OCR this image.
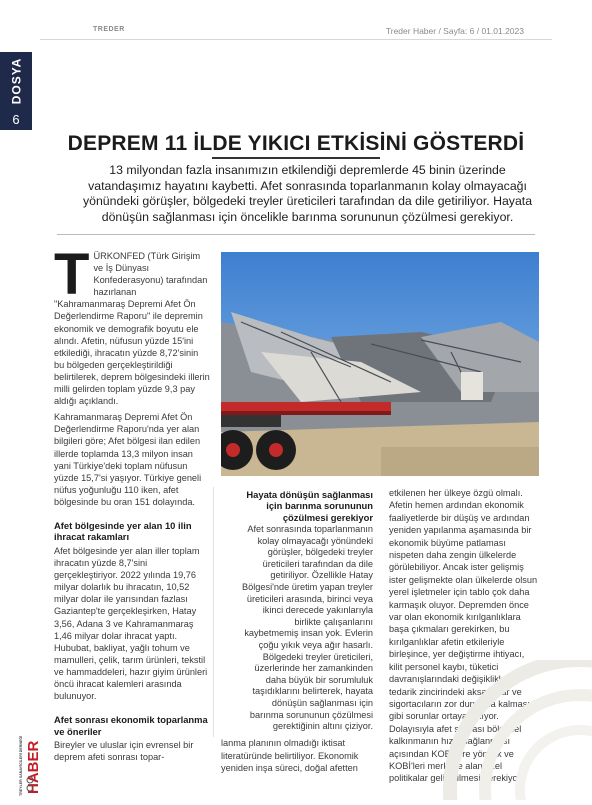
TREDER	Treder Haber / Sayfa: 6 / 01.01.2023
DOSYA
6
DEPREM 11 İLDE YIKICI ETKİSİNİ GÖSTERDİ
13 milyondan fazla insanımızın etkilendiği depremlerde 45 binin üzerinde vatandaşımız hayatını kaybetti. Afet sonrasında toparlanmanın kolay olmayacağı yönündeki görüşler, bölgedeki treyler üreticileri tarafından da dile getiriliyor. Hayata dönüşün sağlanması için öncelikle barınma sorununun çözülmesi gerekiyor.
T ÜRKONFED (Türk Girişim ve İş Dünyası Konfederasyonu) tarafından hazırlanan "Kahramanmaraş Depremi Afet Ön Değerlendirme Raporu" ile depremin ekonomik ve demografik boyutu ele alındı. Afetin, nüfusun yüzde 15'ini etkilediği, ihracatın yüzde 8,72'sinin bu bölgeden gerçekleştirildiği belirtilerek, deprem bölgesindeki illerin milli gelirden toplam yüzde 9,3 pay aldığı açıklandı.

Kahramanmaraş Depremi Afet Ön Değerlendirme Raporu'nda yer alan bilgileri göre; Afet bölgesi ilan edilen illerde toplamda 13,3 milyon insan yani Türkiye'deki toplam nüfusun yüzde 15,7'si yaşıyor. Türkiye geneli nüfus yoğunluğu 110 iken, afet bölgesinde bu oran 151 dolayında.

Afet bölgesinde yer alan 10 ilin ihracat rakamları

Afet bölgesinde yer alan iller toplam ihracatın yüzde 8,7'sini gerçekleştiriyor. 2022 yılında 19,76 milyar dolarlık bu ihracatın, 10,52 milyar dolar ile yarısından fazlası Gaziantep'te gerçekleşirken, Hatay 3,56, Adana 3 ve Kahramanmaraş 1,46 milyar dolar ihracat yaptı. Hububat, bakliyat, yağlı tohum ve mamulleri, çelik, tarım ürünleri, tekstil ve hammaddeleri, hazır giyim ürünleri öncü ihracat kalemleri arasında bulunuyor.

Afet sonrası ekonomik toparlanma ve öneriler

Bireyler ve uluslar için evrensel bir deprem afeti sonrası topar-

Hayata dönüşün sağlanması için barınma sorununun çözülmesi gerekiyor
Afet sonrasında toparlanmanın kolay olmayacağı yönündeki görüşler, bölgedeki treyler üreticileri tarafından da dile getiriliyor. Özellikle Hatay Bölgesi'nde üretim yapan treyler üreticileri arasında, birinci veya ikinci derecede yakınlarıyla birlikte çalışanlarını kaybetmemiş insan yok. Evlerin çoğu yıkık veya ağır hasarlı. Bölgedeki treyler üreticileri, üzerlerinde her zamankinden daha büyük bir sorumluluk taşıdıklarını belirterek, hayata dönüşün sağlanması için barınma sorununun çözülmesi gerektiğinin altını çiziyor.
lanma planının olmadığı iktisat literatüründe belirtiliyor. Ekonomik yeniden inşa süreci, doğal afetten
etkilenen her ülkeye özgü olmalı. Afetin hemen ardından ekonomik faaliyetlerde bir düşüş ve ardından yeniden yapılanma aşamasında bir ekonomik büyüme patlaması nispeten daha zengin ülkelerde görülebiliyor. Ancak ister gelişmiş ister gelişmekte olan ülkelerde olsun yerel işletmeler için tablo çok daha karmaşık oluyor. Depremden önce var olan ekonomik kırılganlıklara başa çıkmaları gerekirken, bu kırılganlıklar afetin etkileriyle birleşince, yer değiştirme ihtiyacı, kilit personel kaybı, tüketici davranışlarındaki değişiklikler, tedarik zincirindeki aksamalar ve sigortacıların zor durumda kalması gibi sorunlar ortaya çıkıyor. Dolayısıyla afet sonrası bölgesel kalkınmanın hızla sağlanması açısından KOBİ'lere yönelik ve KOBİ'leri merkeze alan özel politikalar geliştirilmesi gerekiyor.
HABER
TREYLER SANAYİCİLERİ DERNEĞİ
